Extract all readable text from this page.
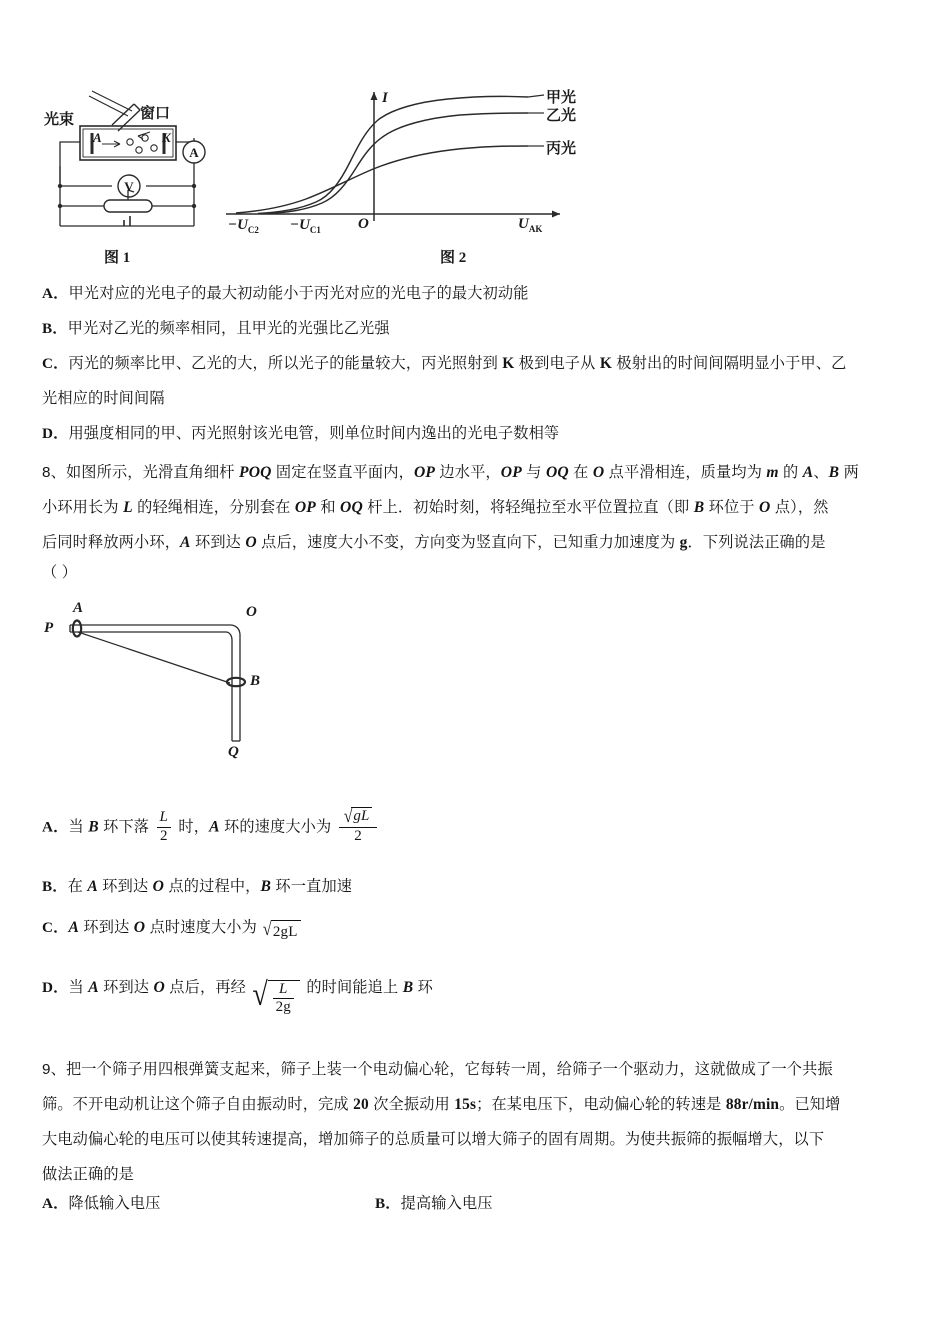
A
V
光束	窗口
A	K
图 1
I
O	$U_{AK}$
$-U_{C2} -U_{C1}$
甲光
乙光
丙光
图 2
A．甲光对应的光电子的最大初动能小于丙光对应的光电子的最大初动能
B．甲光对乙光的频率相同，且甲光的光强比乙光强
C．丙光的频率比甲、乙光的大，所以光子的能量较大，丙光照射到 K 极到电子从 K 极射出的时间间隔明显小于甲、乙
光相应的时间间隔
D．用强度相同的甲、丙光照射该光电管，则单位时间内逸出的光电子数相等
8、如图所示，光滑直角细杆 POQ 固定在竖直平面内，OP 边水平，OP 与 OQ 在 O 点平滑相连，质量均为 m 的 A、B 两
小环用长为 L 的轻绳相连，分别套在 OP 和 OQ 杆上．初始时刻，将轻绳拉至水平位置拉直（即 B 环位于 O 点），然
后同时释放两小环，A 环到达 O 点后，速度大小不变，方向变为竖直向下，已知重力加速度为 g．下列说法正确的是
（ ）
P
A	O
B
Q
A．当 B 环下落 $\frac{L}{2}$ 时，A 环的速度大小为 $\frac{√gL}{2}$
B．在 A 环到达 O 点的过程中，B 环一直加速
C．A 环到达 O 点时速度大小为 √2gL
D．当 A 环到达 O 点后，再经 √ $\frac{L}{2g}$ 的时间能追上 B 环
9、把一个筛子用四根弹簧支起来，筛子上装一个电动偏心轮，它每转一周，给筛子一个驱动力，这就做成了一个共振
筛。不开电动机让这个筛子自由振动时，完成 20 次全振动用 15s；在某电压下，电动偏心轮的转速是 88r/min。已知增
大电动偏心轮的电压可以使其转速提高，增加筛子的总质量可以增大筛子的固有周期。为使共振筛的振幅增大，以下
做法正确的是
A．降低输入电压	B．提高输入电压
